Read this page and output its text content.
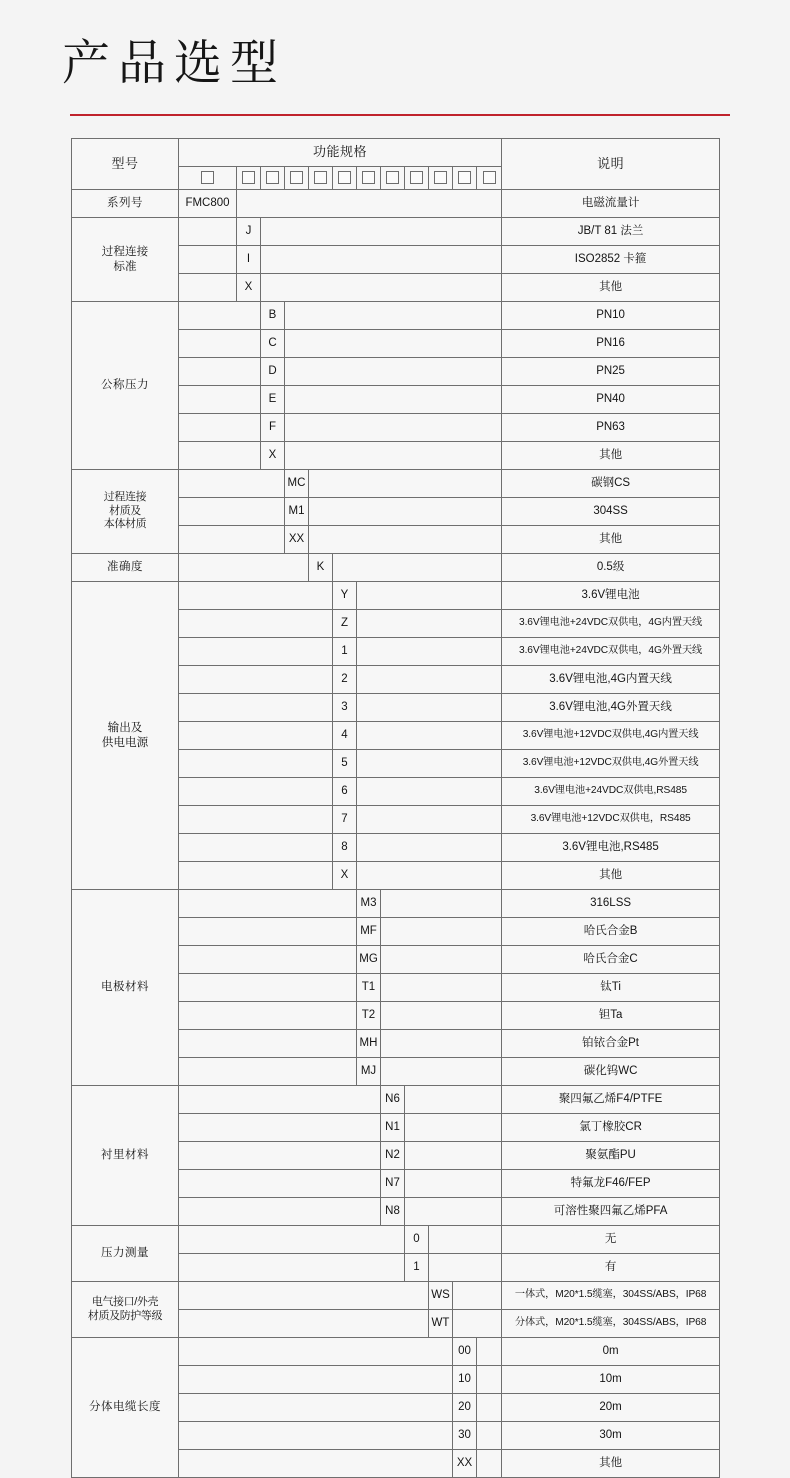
产品选型
型号	功能规格												说明

系列号	FMC800												电磁流量计
过程连接
标准		J											JB/T 81 法兰
		I											ISO2852 卡箍
		X											其他
公称压力			B										PN10
			C										PN16
			D										PN25
			E										PN40
			F										PN63
			X										其他
过程连接
材质及
本体材质				MC									碳钢CS
				M1									304SS
				XX									其他
准确度					K								0.5级
输出及
供电电源						Y							3.6V锂电池
						Z							3.6V锂电池+24VDC双供电，4G内置天线
						1							3.6V锂电池+24VDC双供电，4G外置天线
						2							3.6V锂电池,4G内置天线
						3							3.6V锂电池,4G外置天线
						4							3.6V锂电池+12VDC双供电,4G内置天线
						5							3.6V锂电池+12VDC双供电,4G外置天线
						6							3.6V锂电池+24VDC双供电,RS485
						7							3.6V锂电池+12VDC双供电，RS485
						8							3.6V锂电池,RS485
						X							其他
电极材料							M3						316LSS
							MF						哈氏合金B
							MG						哈氏合金C
							T1						钛Ti
							T2						钽Ta
							MH						铂铱合金Pt
							MJ						碳化钨WC
衬里材料								N6					聚四氟乙烯F4/PTFE
								N1					氯丁橡胶CR
								N2					聚氨酯PU
								N7					特氟龙F46/FEP
								N8					可溶性聚四氟乙烯PFA
压力测量									0				无
									1				有
电气接口/外壳
材质及防护等级										WS			一体式，M20*1.5缆塞，304SS/ABS，IP68
										WT			分体式，M20*1.5缆塞，304SS/ABS，IP68
分体电缆长度											00		0m
											10		10m
											20		20m
											30		30m
											XX		其他
